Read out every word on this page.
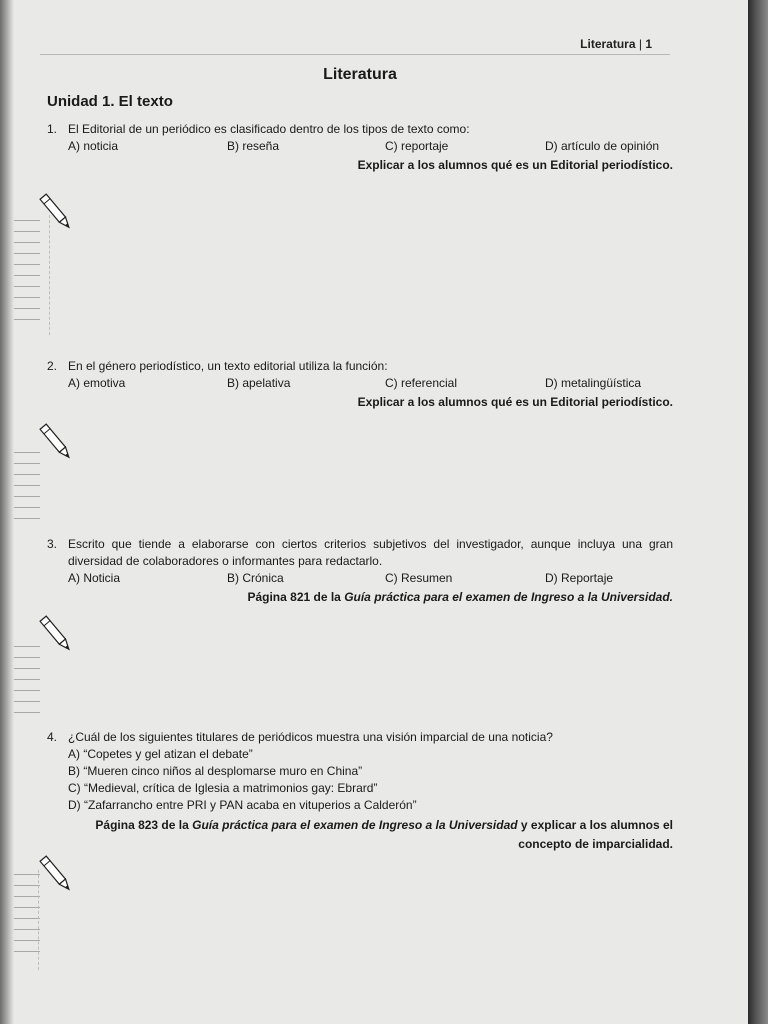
Literatura | 1
Literatura
Unidad 1. El texto
1. El Editorial de un periódico es clasificado dentro de los tipos de texto como:
A) noticia	B) reseña	C) reportaje	D) artículo de opinión
Explicar a los alumnos qué es un Editorial periodístico.
2. En el género periodístico, un texto editorial utiliza la función:
A) emotiva	B) apelativa	C) referencial	D) metalingüística
Explicar a los alumnos qué es un Editorial periodístico.
3. Escrito que tiende a elaborarse con ciertos criterios subjetivos del investigador, aunque incluya una gran diversidad de colaboradores o informantes para redactarlo.
A) Noticia	B) Crónica	C) Resumen	D) Reportaje
Página 821 de la Guía práctica para el examen de Ingreso a la Universidad.
4. ¿Cuál de los siguientes titulares de periódicos muestra una visión imparcial de una noticia?
A) “Copetes y gel atizan el debate”
B) “Mueren cinco niños al desplomarse muro en China”
C) “Medieval, crítica de Iglesia a matrimonios gay: Ebrard”
D) “Zafarrancho entre PRI y PAN acaba en vituperios a Calderón”
Página 823 de la Guía práctica para el examen de Ingreso a la Universidad y explicar a los alumnos el
concepto de imparcialidad.
